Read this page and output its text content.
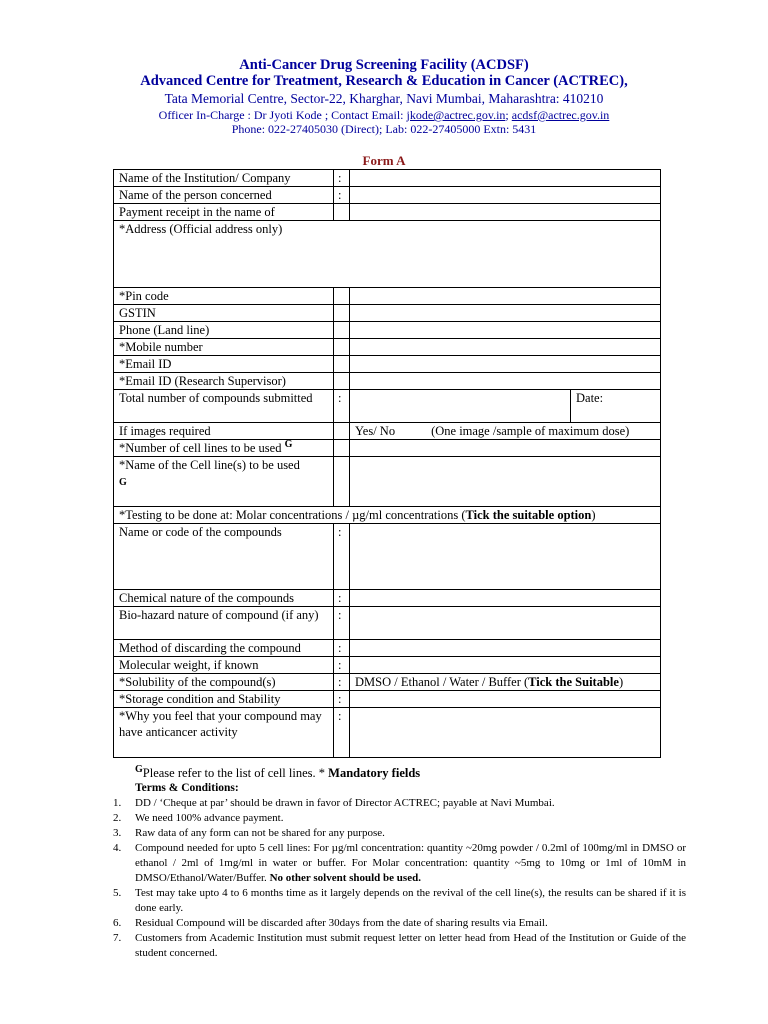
Anti-Cancer Drug Screening Facility (ACDSF)
Advanced Centre for Treatment, Research & Education in Cancer (ACTREC),
Tata Memorial Centre, Sector-22, Kharghar, Navi Mumbai, Maharashtra: 410210
Officer In-Charge : Dr Jyoti Kode ; Contact Email: jkode@actrec.gov.in; acdsf@actrec.gov.in
Phone: 022-27405030 (Direct); Lab: 022-27405000 Extn: 5431
Form A
Name of the Institution/ Company	:		
Name of the person concerned	:		
Payment receipt in the name of			
*Address (Official address only)			
*Pin code			
GSTIN			
Phone (Land line)			
*Mobile number			
*Email ID			
*Email ID (Research Supervisor)			
Total number of compounds submitted	:		Date:
If images required		Yes/ No (One image /sample of maximum dose)	
*Number of cell lines to be used $^G$		
*Name of the Cell line(s) to be used
G			
*Testing to be done at: Molar concentrations / µg/ml concentrations (Tick the suitable option)			
Name or code of the compounds	:		
Chemical nature of the compounds	:		
Bio-hazard nature of compound (if any)	:		
Method of discarding the compound	:		
Molecular weight, if known	:		
*Solubility of the compound(s)	:	DMSO / Ethanol / Water / Buffer (Tick the Suitable)	
*Storage condition and Stability	:		
*Why you feel that your compound may have anticancer activity	:		
$^G$Please refer to the list of cell lines. * Mandatory fields
Terms & Conditions:
1. DD / ‘Cheque at par’ should be drawn in favor of Director ACTREC; payable at Navi Mumbai.
2. We need 100% advance payment.
3. Raw data of any form can not be shared for any purpose.
4. Compound needed for upto 5 cell lines: For µg/ml concentration: quantity ~20mg powder / 0.2ml of 100mg/ml in DMSO or ethanol / 2ml of 1mg/ml in water or buffer. For Molar concentration: quantity ~5mg to 10mg or 1ml of 10mM in DMSO/Ethanol/Water/Buffer. No other solvent should be used.
5. Test may take upto 4 to 6 months time as it largely depends on the revival of the cell line(s), the results can be shared if it is done early.
6. Residual Compound will be discarded after 30days from the date of sharing results via Email.
7. Customers from Academic Institution must submit request letter on letter head from Head of the Institution or Guide of the student concerned.
